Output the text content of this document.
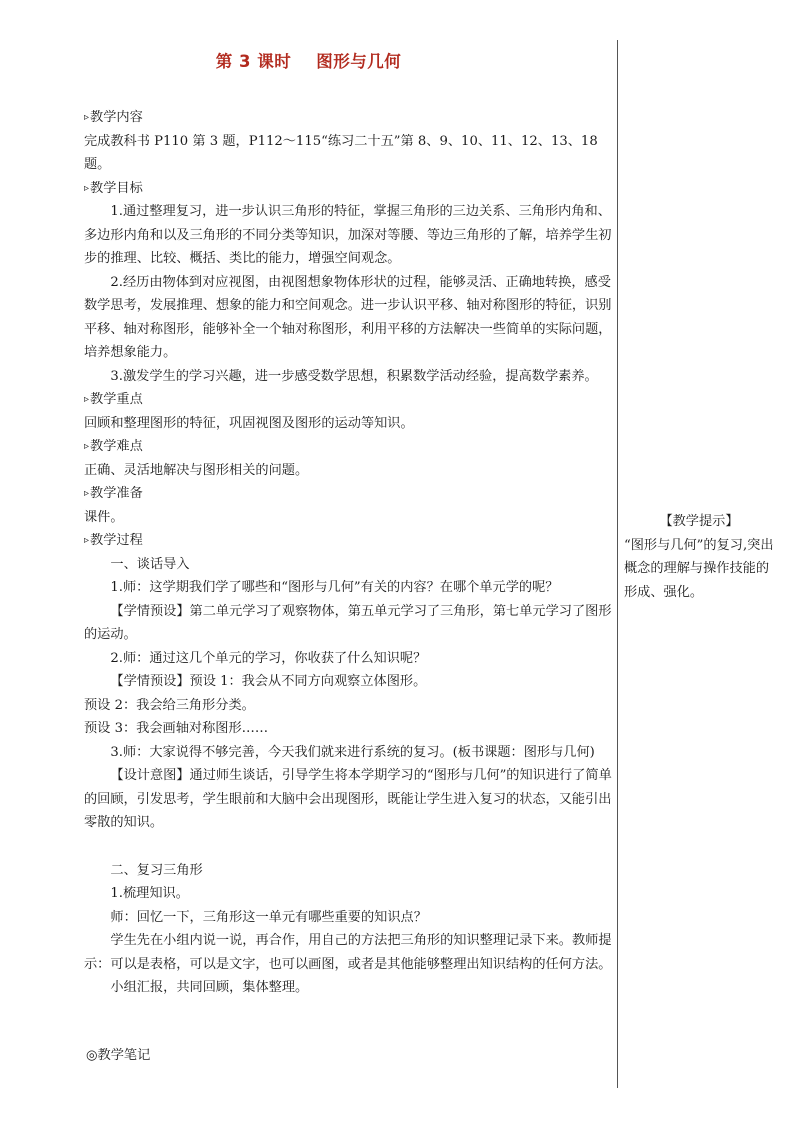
第 3 课时    图形与几何

▹ 教学内容

完成教科书 P110 第 3 题，P112～115“练习二十五”第 8、9、10、11、12、13、18 题。

▹ 教学目标

1.通过整理复习，进一步认识三角形的特征，掌握三角形的三边关系、三角形内角和、多边形内角和以及三角形的不同分类等知识，加深对等腰、等边三角形的了解，培养学生初步的推理、比较、概括、类比的能力，增强空间观念。

2.经历由物体到对应视图，由视图想象物体形状的过程，能够灵活、正确地转换，感受数学思考，发展推理、想象的能力和空间观念。进一步认识平移、轴对称图形的特征，识别平移、轴对称图形，能够补全一个轴对称图形，利用平移的方法解决一些简单的实际问题，培养想象能力。

3.激发学生的学习兴趣，进一步感受数学思想，积累数学活动经验，提高数学素养。

▹ 教学重点

回顾和整理图形的特征，巩固视图及图形的运动等知识。

▹ 教学难点

正确、灵活地解决与图形相关的问题。

▹ 教学准备

课件。

▹ 教学过程

一、谈话导入

1.师：这学期我们学了哪些和“图形与几何”有关的内容？在哪个单元学的呢？

【学情预设】第二单元学习了观察物体，第五单元学习了三角形，第七单元学习了图形的运动。

2.师：通过这几个单元的学习，你收获了什么知识呢？

【学情预设】预设 1：我会从不同方向观察立体图形。

预设 2：我会给三角形分类。

预设 3：我会画轴对称图形……

3.师：大家说得不够完善，今天我们就来进行系统的复习。(板书课题：图形与几何)

【设计意图】通过师生谈话，引导学生将本学期学习的“图形与几何”的知识进行了简单的回顾，引发思考，学生眼前和大脑中会出现图形，既能让学生进入复习的状态，又能引出零散的知识。

二、复习三角形

1.梳理知识。

师：回忆一下，三角形这一单元有哪些重要的知识点？

学生先在小组内说一说，再合作，用自己的方法把三角形的知识整理记录下来。教师提示：可以是表格，可以是文字，也可以画图，或者是其他能够整理出知识结构的任何方法。

小组汇报，共同回顾，集体整理。

【教学提示】
“图形与几何”的复习,突出概念的理解与操作技能的形成、强化。
◎教学笔记
